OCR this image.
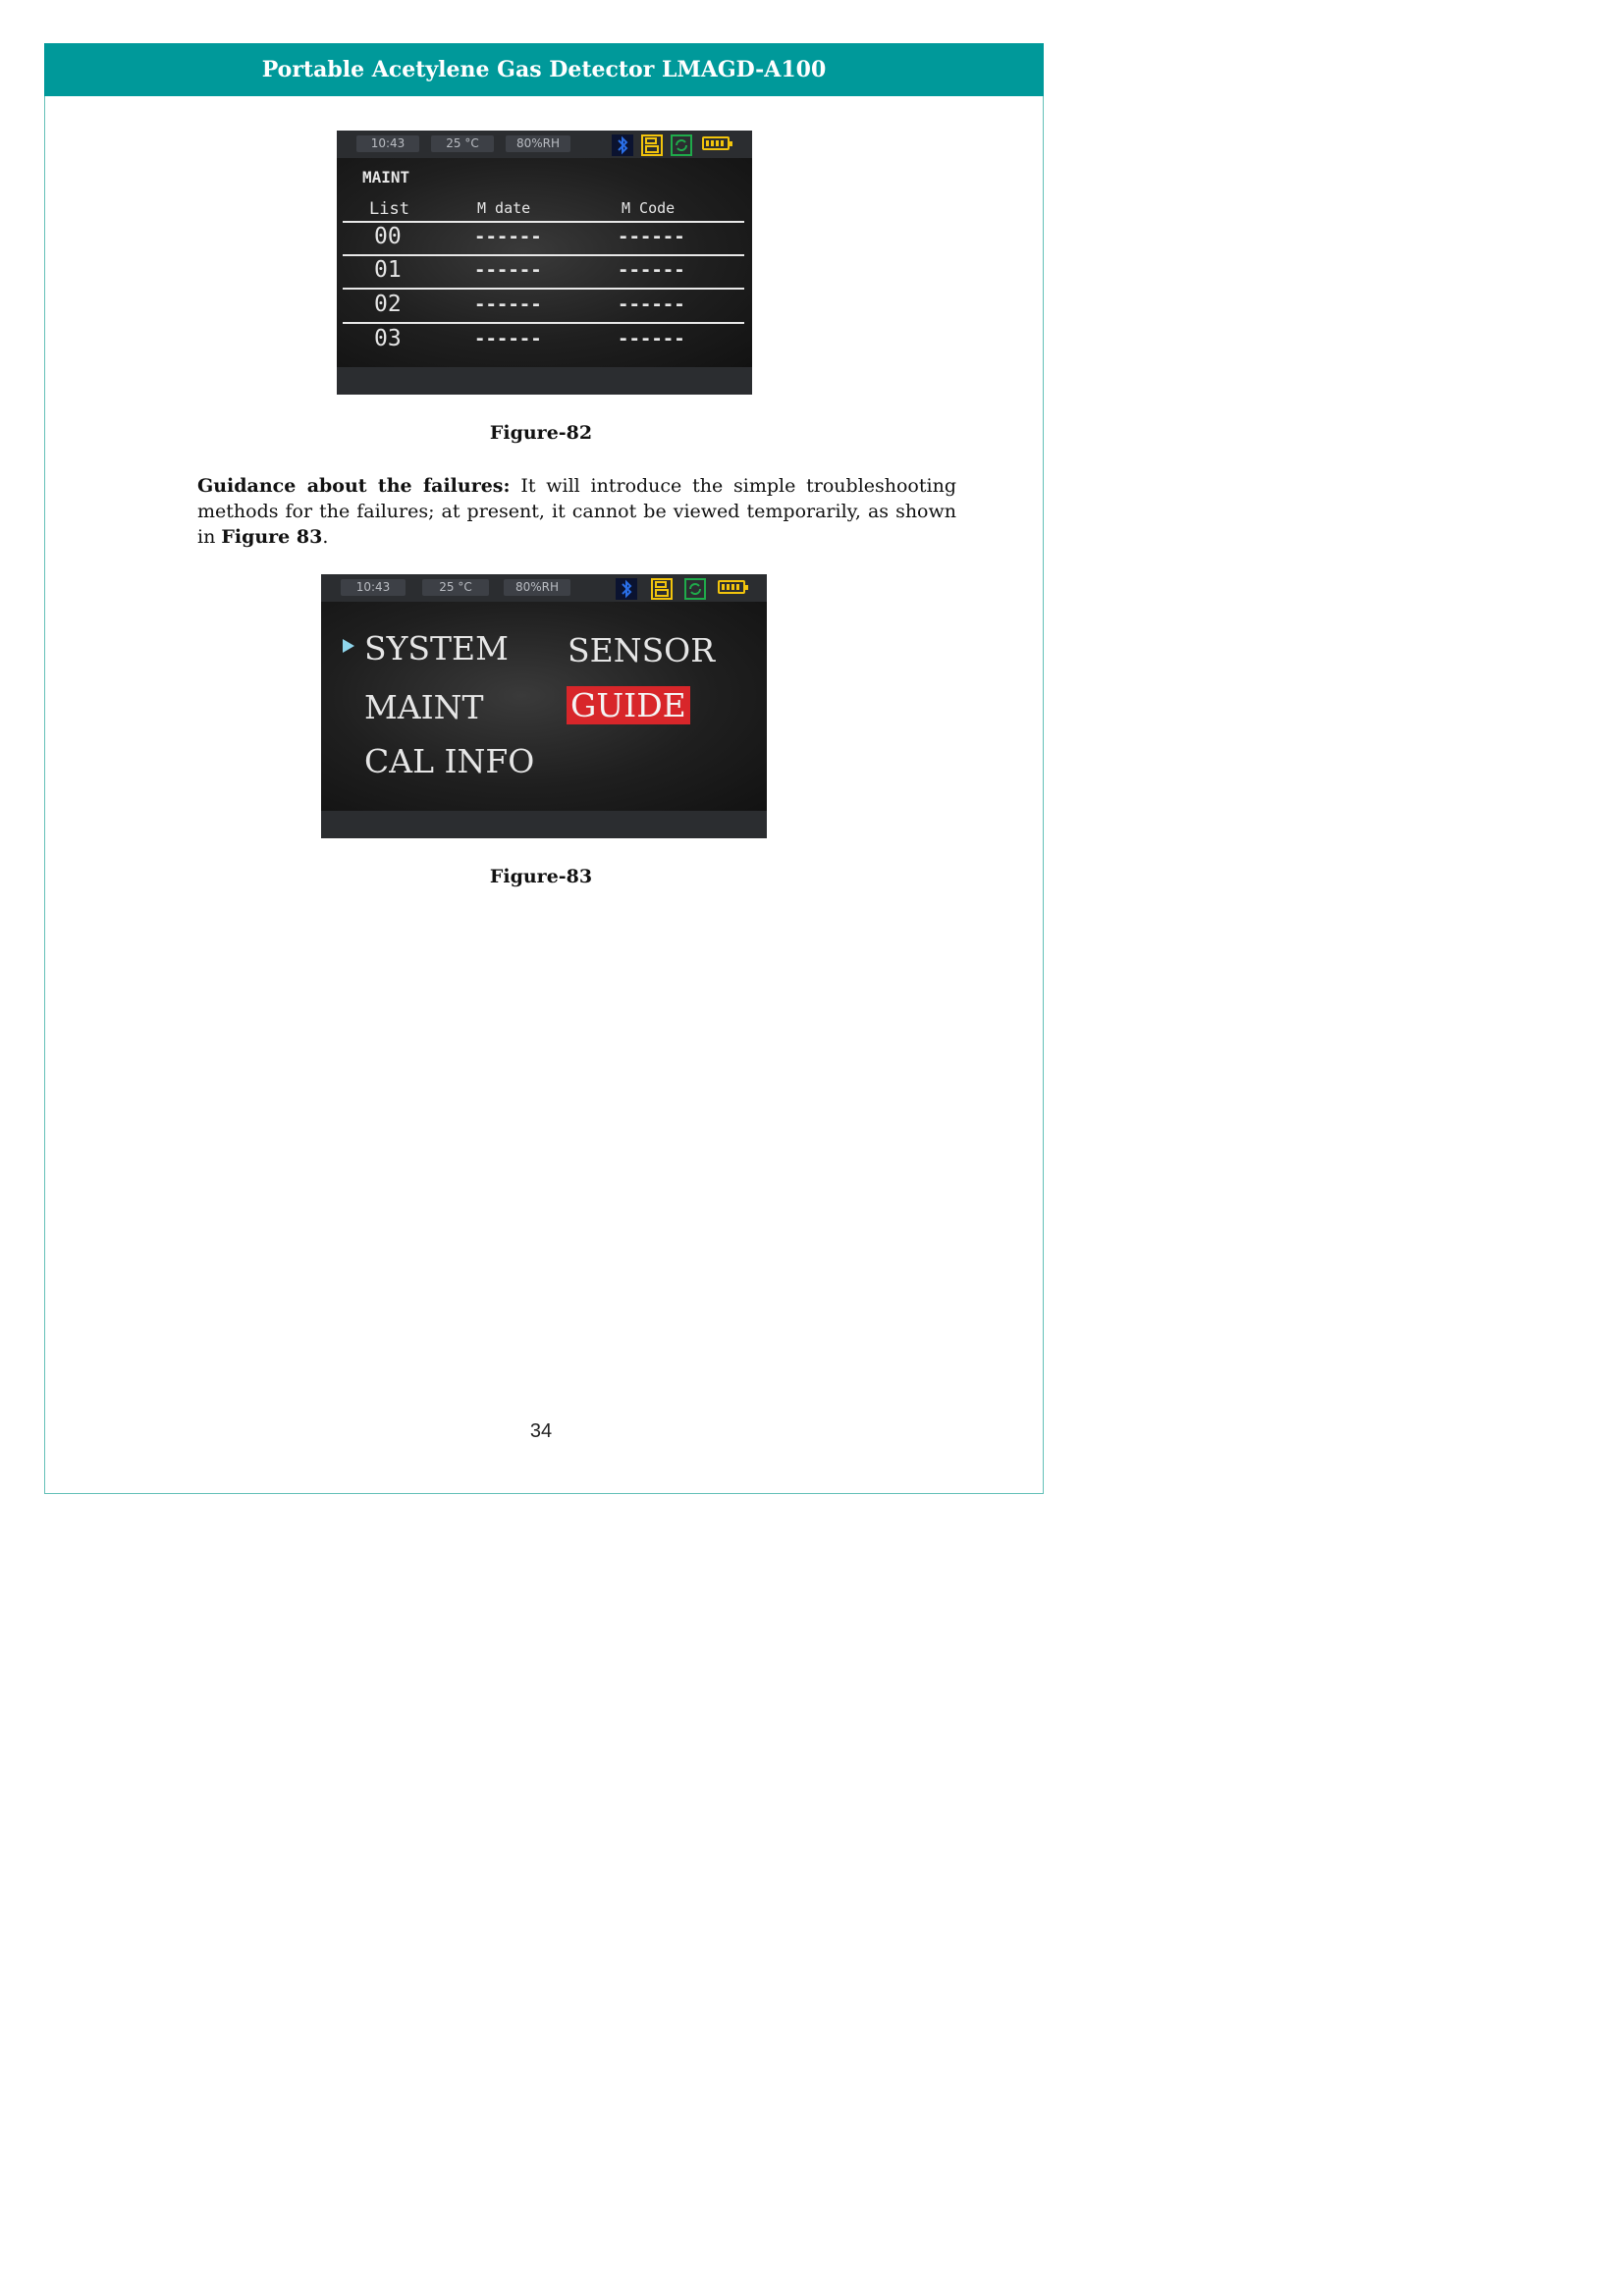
Portable Acetylene Gas Detector LMAGD-A100
10:43	25 °C	80%RH
MAINT
List	M date	M Code
00	------	------
01	------	------
02	------	------
03	------	------
Figure-82
Guidance about the failures: It will introduce the simple troubleshooting methods for the failures; at present, it cannot be viewed temporarily, as shown in Figure 83.
10:43	25 °C	80%RH
SYSTEM SENSOR
MAINT	GUIDE
CAL INFO
Figure-83
34
